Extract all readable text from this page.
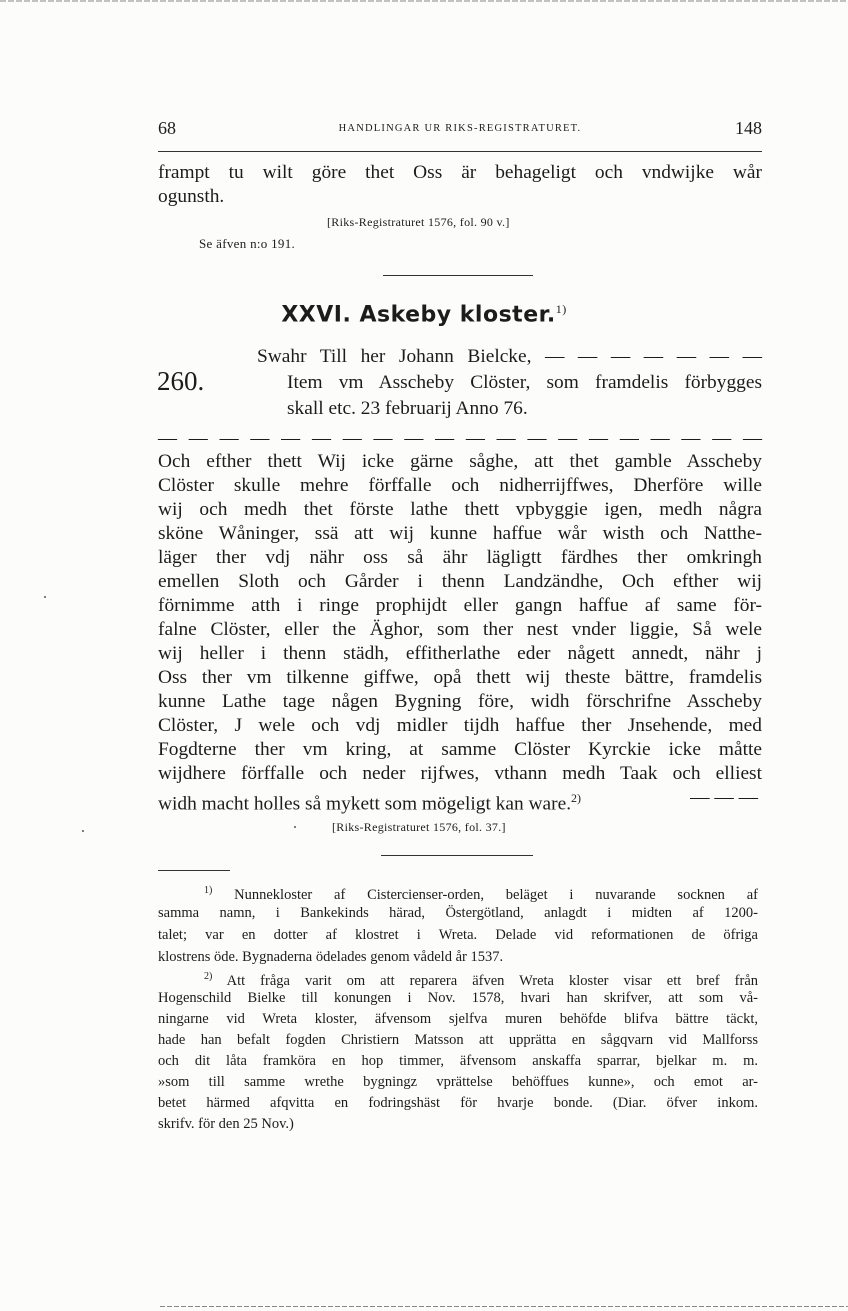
68	HANDLINGAR UR RIKS-REGISTRATURET.	148
frampt tu wilt göre thet Oss är behageligt och vndwijke wår
ogunsth.
[Riks-Registraturet 1576, fol. 90 v.]
Se äfven n:o 191.
XXVI. Askeby kloster.$^{1)}$
260.
Swahr Till her Johann Bielcke, — — — — — — —
Item vm Asscheby Clöster, som framdelis förbygges
skall etc. 23 februarij Anno 76.
— — — — — — — — — — — — — — — — — — — —
Och efther thett Wij icke gärne såghe, att thet gamble Asscheby
Clöster skulle mehre förffalle och nidherrijffwes, Dherföre wille
wij och medh thet förste lathe thett vpbyggie igen, medh några
sköne Wåninger, ssä att wij kunne haffue wår wisth och Natthe-
läger ther vdj nähr oss så ähr lägligtt färdhes ther omkringh
emellen Sloth och Gårder i thenn Landzändhe, Och efther wij
förnimme atth i ringe prophijdt eller gangn haffue af same för-
falne Clöster, eller the Äghor, som ther nest vnder liggie, Så wele
wij heller i thenn städh, effitherlathe eder någett annedt, nähr j
Oss ther vm tilkenne giffwe, opå thett wij theste bättre, framdelis
kunne Lathe tage någen Bygning före, widh förschrifne Asscheby
Clöster, J wele och vdj midler tijdh haffue ther Jnsehende, med
Fogdterne ther vm kring, at samme Clöster Kyrckie icke måtte
wijdhere förffalle och neder rijfwes, vthann medh Taak och elliest
widh macht holles så mykett som mögeligt kan ware.$^{2)}$	— — —
[Riks-Registraturet 1576, fol. 37.]
$^{1)}$ Nunnekloster af Cistercienser-orden, beläget i nuvarande socknen af
samma namn, i Bankekinds härad, Östergötland, anlagdt i midten af 1200-
talet; var en dotter af klostret i Wreta. Delade vid reformationen de öfriga
klostrens öde. Bygnaderna ödelades genom vådeld år 1537.
$^{2)}$ Att fråga varit om att reparera äfven Wreta kloster visar ett bref från
Hogenschild Bielke till konungen i Nov. 1578, hvari han skrifver, att som vå-
ningarne vid Wreta kloster, äfvensom sjelfva muren behöfde blifva bättre täckt,
hade han befalt fogden Christiern Matsson att upprätta en sågqvarn vid Mallforss
och dit låta framköra en hop timmer, äfvensom anskaffa sparrar, bjelkar m. m.
»som till samme wrethe bygningz vprättelse behöffues kunne», och emot ar-
betet härmed afqvitta en fodringshäst för hvarje bonde. (Diar. öfver inkom.
skrifv. för den 25 Nov.)
